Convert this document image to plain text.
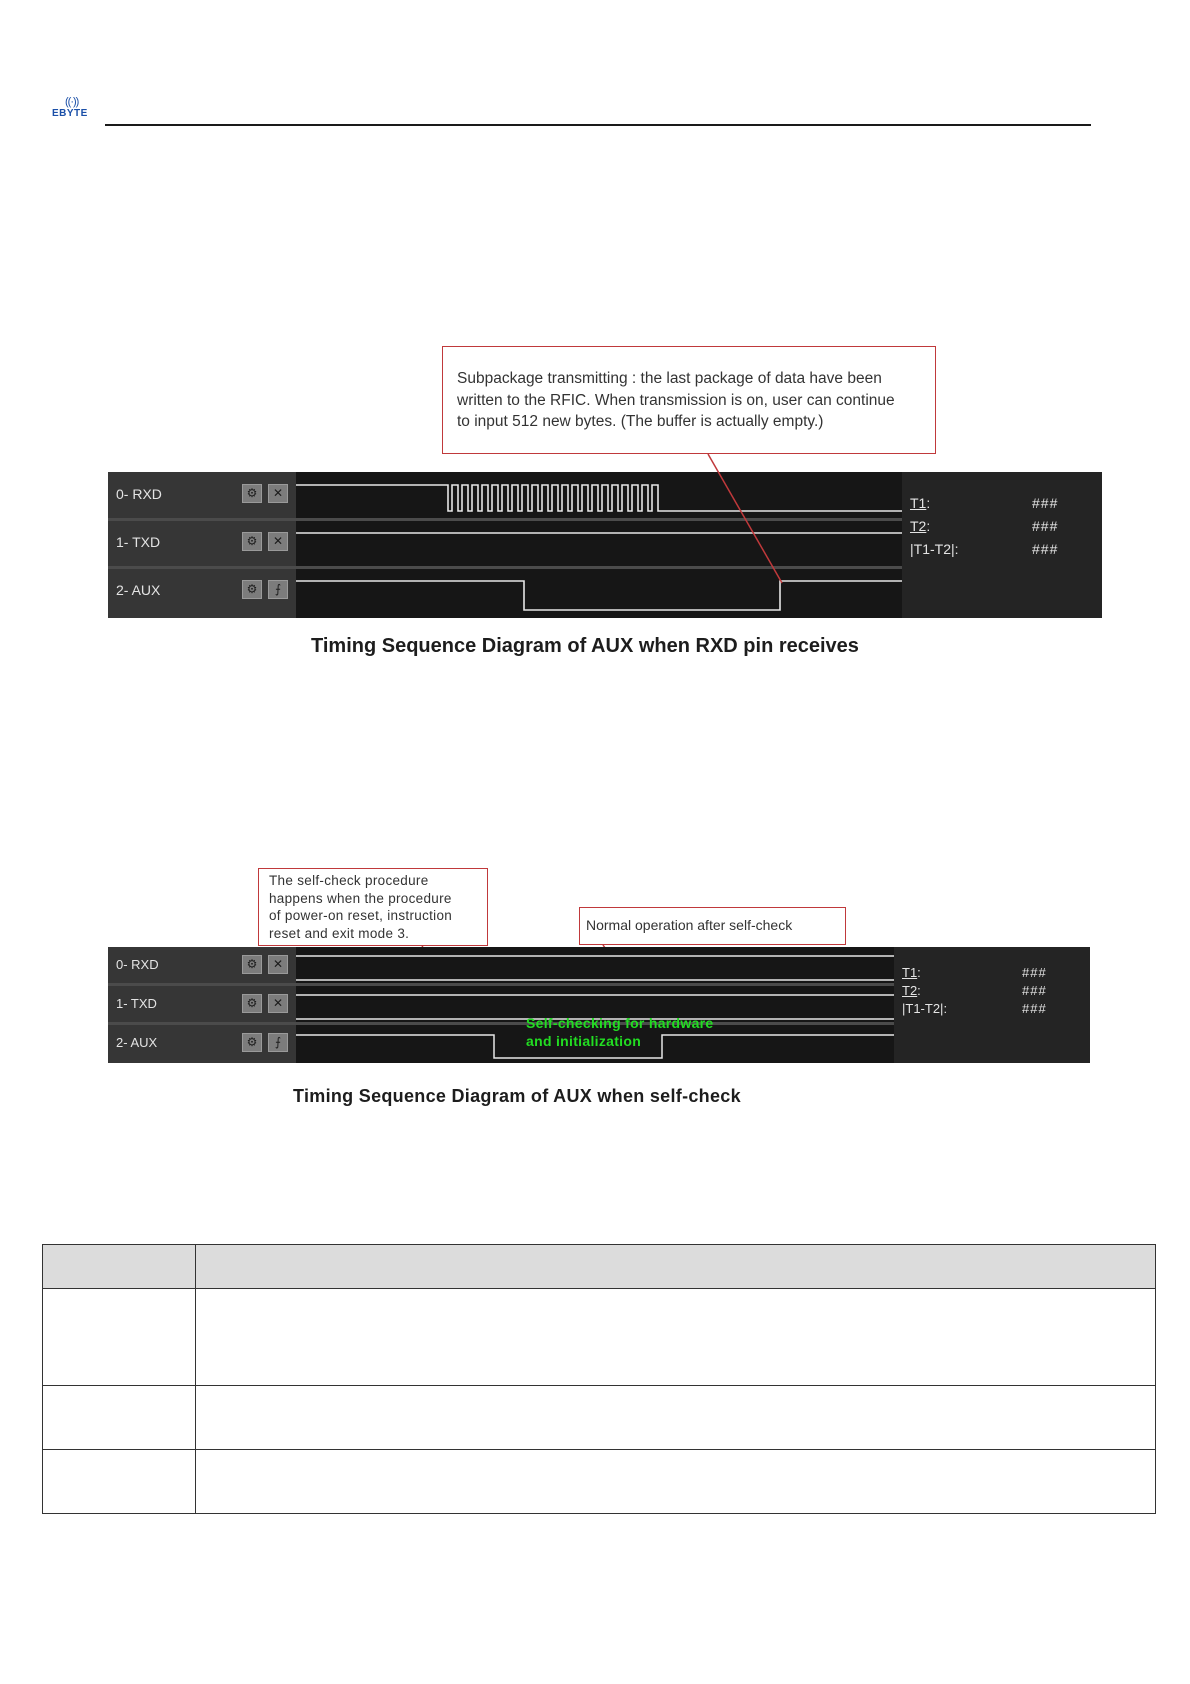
((·))
EBYTE
Subpackage transmitting : the last package of data have been
written to the RFIC. When transmission is on, user can continue
to input 512 new bytes. (The buffer is actually empty.)
0- RXD
1- TXD
2- AUX
⚙	✕
⚙	✕
⚙	⨍
T1:	###
T2:	###
|T1-T2|:	###
Timing Sequence Diagram of AUX when RXD pin receives
The self-check procedure
happens when the procedure
of power-on reset, instruction
reset and exit mode 3.	Normal operation after self-check
0- RXD
1- TXD
2- AUX
⚙	✕
⚙	✕
⚙	⨍
Self-checking for hardware
and initialization
T1:	###
T2:	###
|T1-T2|:	###
Timing Sequence Diagram of AUX when self-check
